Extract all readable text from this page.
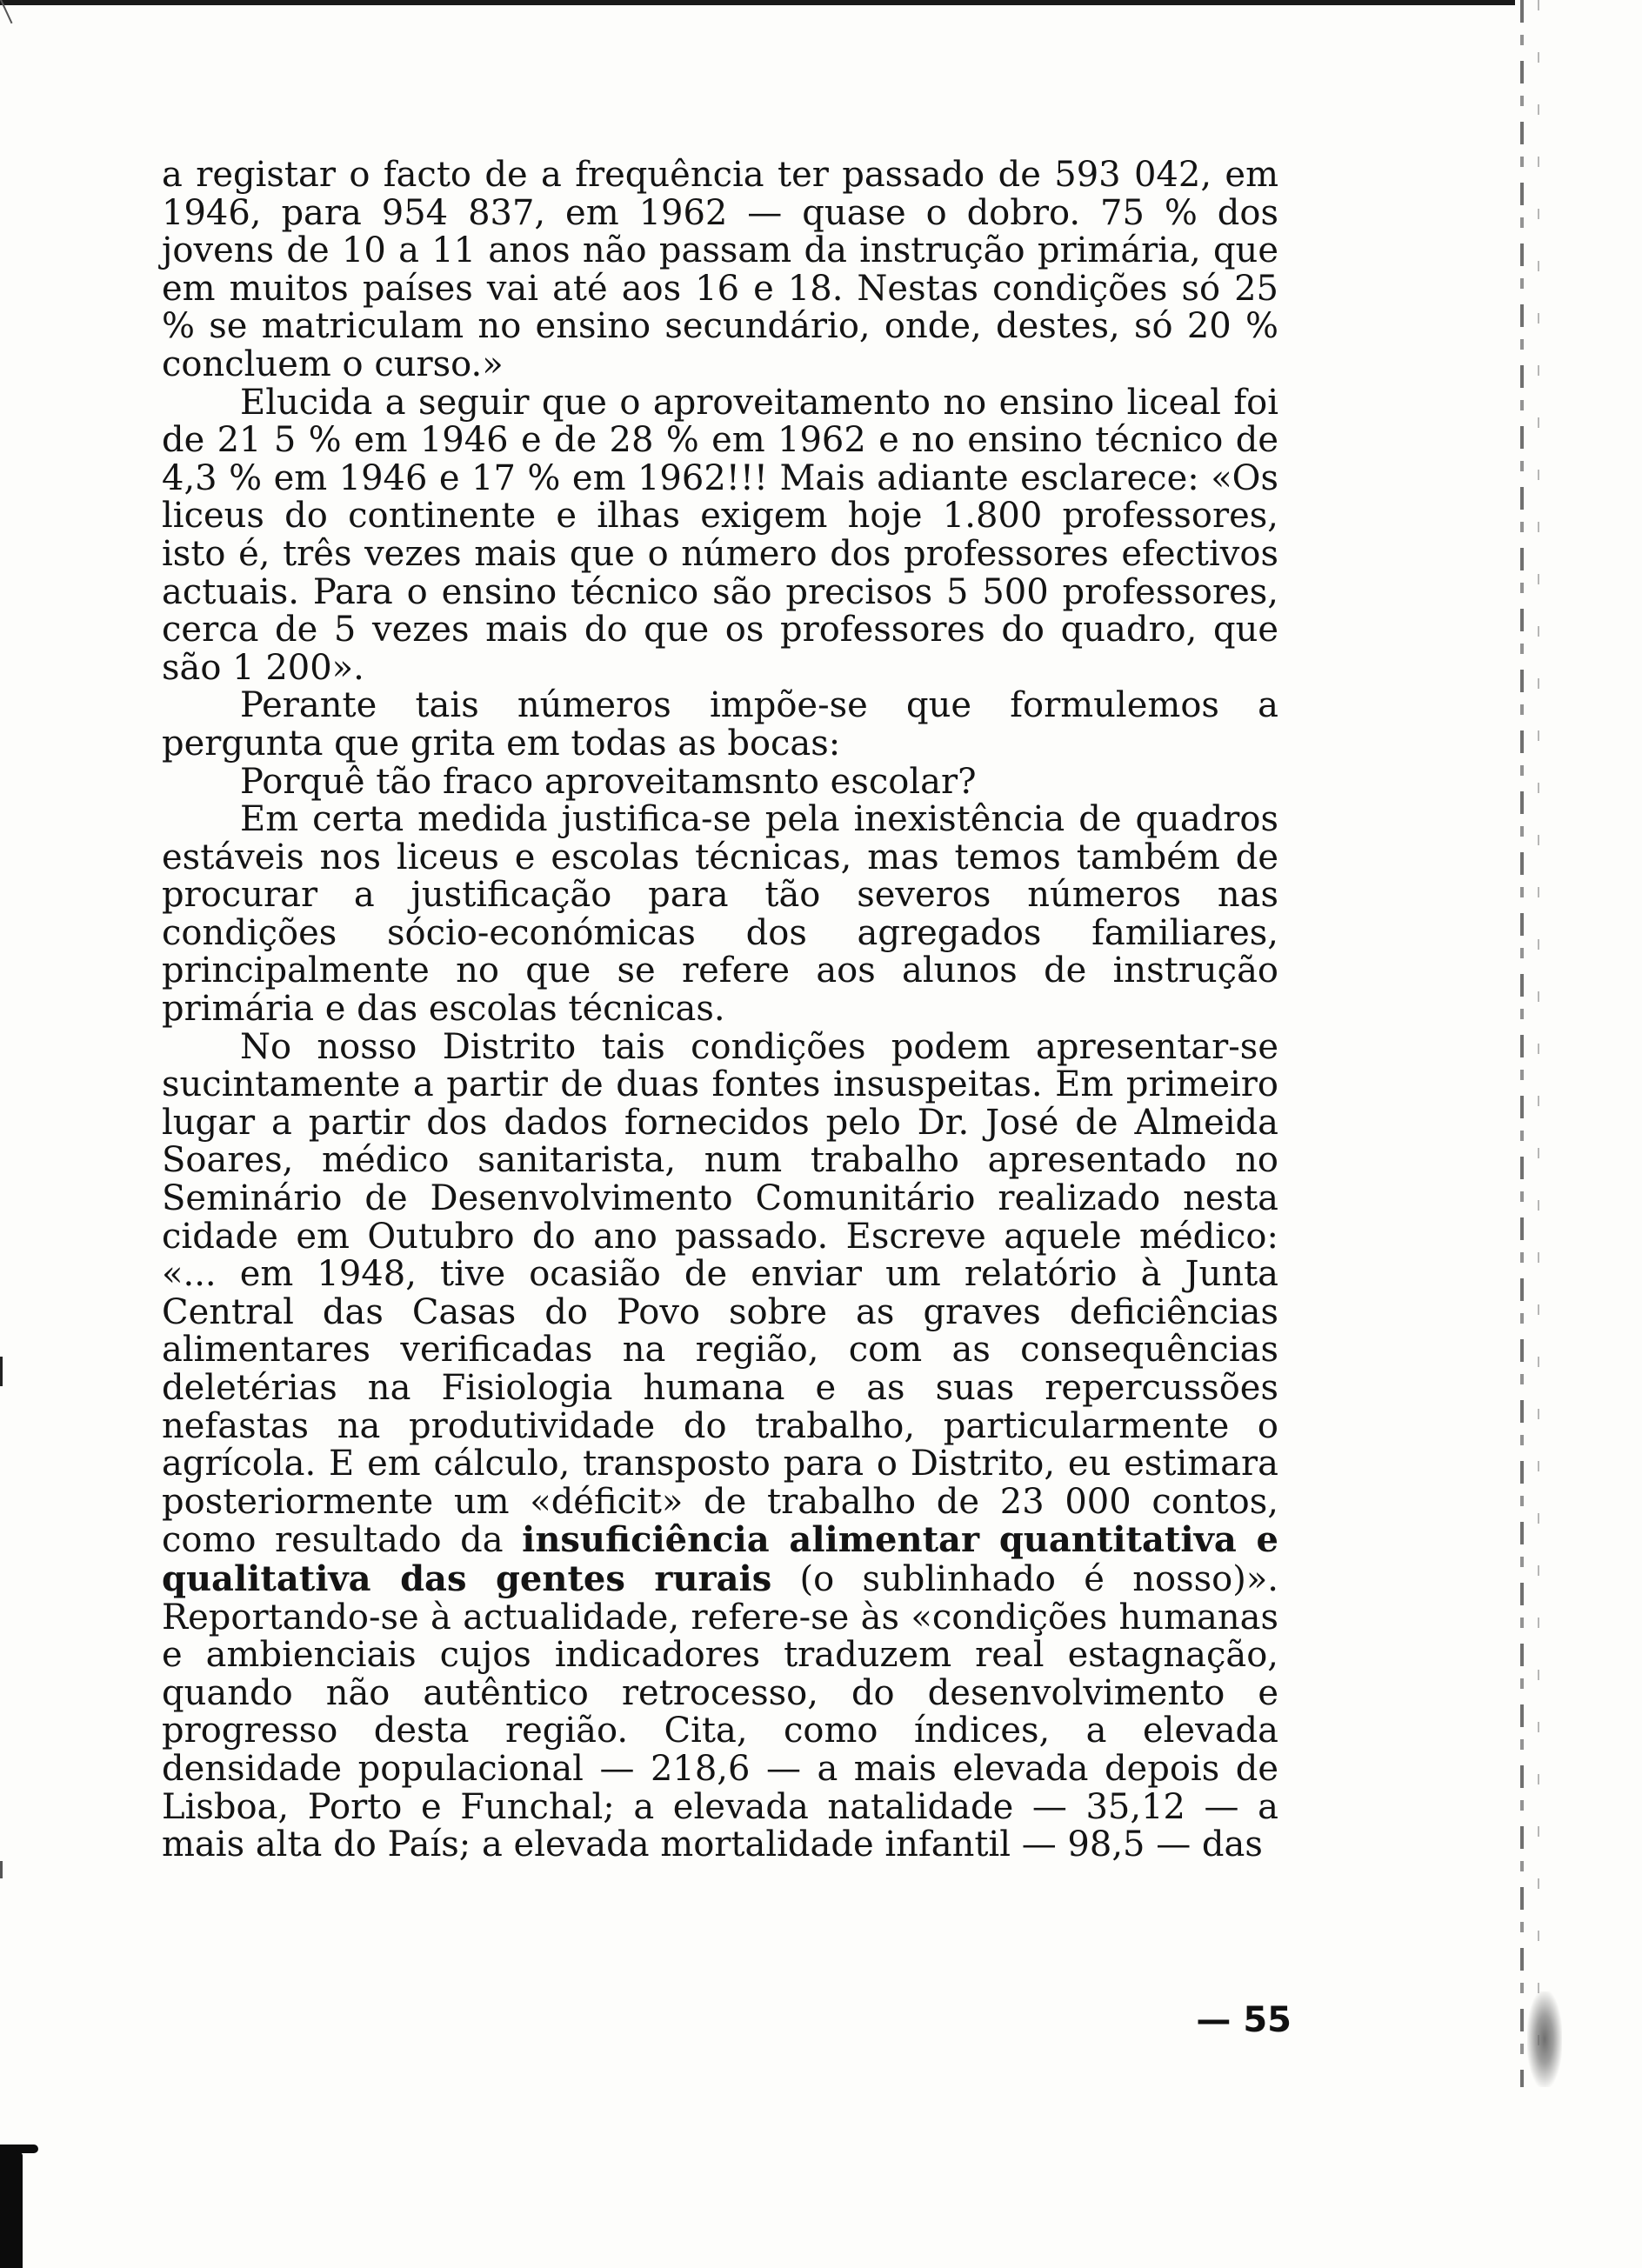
a registar o facto de a frequência ter passado de 593 042, em 1946, para 954 837, em 1962 — quase o dobro. 75 % dos jovens de 10 a 11 anos não passam da instrução primária, que em muitos países vai até aos 16 e 18. Nestas condições só 25 % se matriculam no ensino secundário, onde, destes, só 20 % concluem o curso.»

Elucida a seguir que o aproveitamento no ensino liceal foi de 21 5 % em 1946 e de 28 % em 1962 e no ensino técnico de 4,3 % em 1946 e 17 % em 1962!!! Mais adiante esclarece: «Os liceus do continente e ilhas exigem hoje 1.800 professores, isto é, três vezes mais que o número dos professores efectivos actuais. Para o ensino técnico são precisos 5 500 professores, cerca de 5 vezes mais do que os professores do quadro, que são 1 200».

Perante tais números impõe-se que formulemos a pergunta que grita em todas as bocas:

Porquê tão fraco aproveitamsnto escolar?

Em certa medida justifica-se pela inexistência de quadros estáveis nos liceus e escolas técnicas, mas temos também de procurar a justificação para tão severos números nas condições sócio-económicas dos agregados familiares, principalmente no que se refere aos alunos de instrução primária e das escolas técnicas.

No nosso Distrito tais condições podem apresentar-se sucintamente a partir de duas fontes insuspeitas. Em primeiro lugar a partir dos dados fornecidos pelo Dr. José de Almeida Soares, médico sanitarista, num trabalho apresentado no Seminário de Desenvolvimento Comunitário realizado nesta cidade em Outubro do ano passado. Escreve aquele médico: «... em 1948, tive ocasião de enviar um relatório à Junta Central das Casas do Povo sobre as graves deficiências alimentares verificadas na região, com as consequências deletérias na Fisiologia humana e as suas repercussões nefastas na produtividade do trabalho, particularmente o agrícola. E em cálculo, transposto para o Distrito, eu estimara posteriormente um «déficit» de trabalho de 23 000 contos, como resultado da insuficiência alimentar quantitativa e qualitativa das gentes rurais (o sublinhado é nosso)». Reportando-se à actualidade, refere-se às «condições humanas e ambienciais cujos indicadores traduzem real estagnação, quando não autêntico retrocesso, do desenvolvimento e progresso desta região. Cita, como índices, a elevada densidade populacional — 218,6 — a mais elevada depois de Lisboa, Porto e Funchal; a elevada natalidade — 35,12 — a mais alta do País; a elevada mortalidade infantil — 98,5 — das

— 55
